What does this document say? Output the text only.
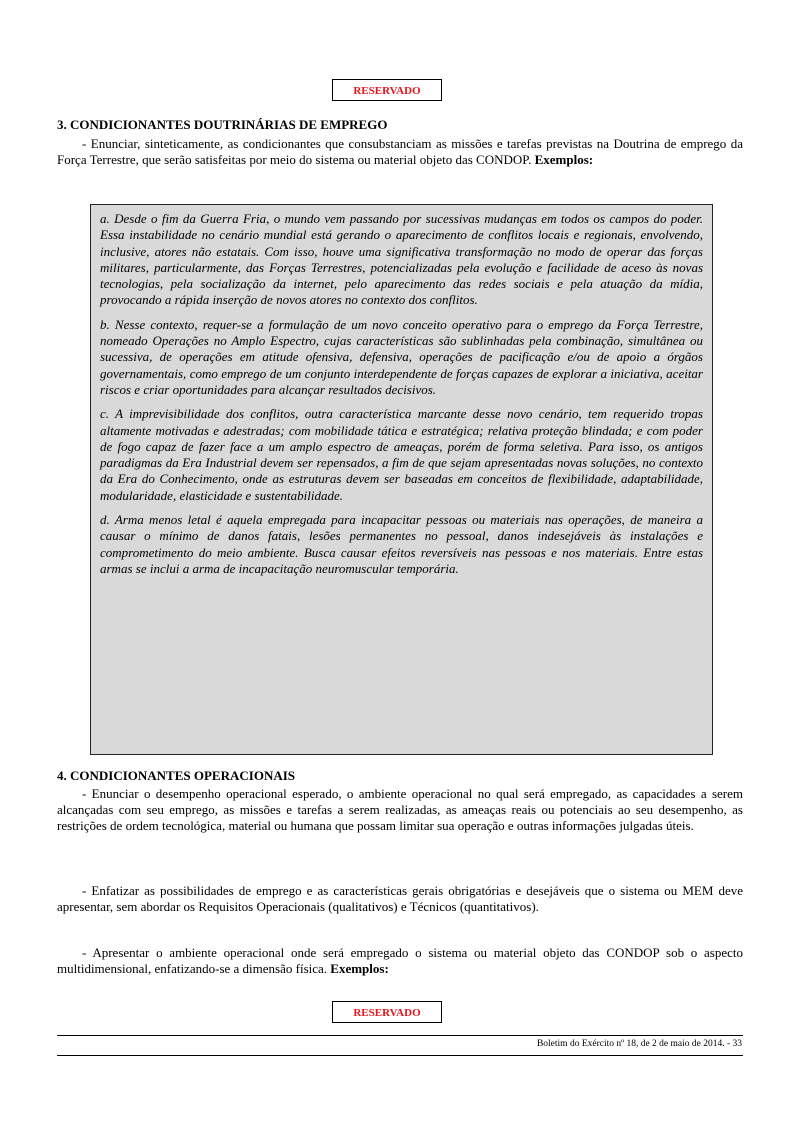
RESERVADO
3. CONDICIONANTES DOUTRINÁRIAS DE EMPREGO

- Enunciar, sinteticamente, as condicionantes que consubstanciam as missões e tarefas previstas na Doutrina de emprego da Força Terrestre, que serão satisfeitas por meio do sistema ou material objeto das CONDOP. Exemplos:

a. Desde o fim da Guerra Fria, o mundo vem passando por sucessivas mudanças em todos os campos do poder. Essa instabilidade no cenário mundial está gerando o aparecimento de conflitos locais e regionais, envolvendo, inclusive, atores não estatais. Com isso, houve uma significativa transformação no modo de operar das forças militares, particularmente, das Forças Terrestres, potencializadas pela evolução e facilidade de aceso às novas tecnologias, pela socialização da internet, pelo aparecimento das redes sociais e pela atuação da mídia, provocando a rápida inserção de novos atores no contexto dos conflitos.

b. Nesse contexto, requer-se a formulação de um novo conceito operativo para o emprego da Força Terrestre, nomeado Operações no Amplo Espectro, cujas características são sublinhadas pela combinação, simultânea ou sucessiva, de operações em atitude ofensiva, defensiva, operações de pacificação e/ou de apoio a órgãos governamentais, como emprego de um conjunto interdependente de forças capazes de explorar a iniciativa, aceitar riscos e criar oportunidades para alcançar resultados decisivos.

c. A imprevisibilidade dos conflitos, outra característica marcante desse novo cenário, tem requerido tropas altamente motivadas e adestradas; com mobilidade tática e estratégica; relativa proteção blindada; e com poder de fogo capaz de fazer face a um amplo espectro de ameaças, porém de forma seletiva. Para isso, os antigos paradigmas da Era Industrial devem ser repensados, a fim de que sejam apresentadas novas soluções, no contexto da Era do Conhecimento, onde as estruturas devem ser baseadas em conceitos de flexibilidade, adaptabilidade, modularidade, elasticidade e sustentabilidade.

d. Arma menos letal é aquela empregada para incapacitar pessoas ou materiais nas operações, de maneira a causar o mínimo de danos fatais, lesões permanentes no pessoal, danos indesejáveis às instalações e comprometimento do meio ambiente. Busca causar efeitos reversíveis nas pessoas e nos materiais. Entre estas armas se inclui a arma de incapacitação neuromuscular temporária.

4. CONDICIONANTES OPERACIONAIS

- Enunciar o desempenho operacional esperado, o ambiente operacional no qual será empregado, as capacidades a serem alcançadas com seu emprego, as missões e tarefas a serem realizadas, as ameaças reais ou potenciais ao seu desempenho, as restrições de ordem tecnológica, material ou humana que possam limitar sua operação e outras informações julgadas úteis.

- Enfatizar as possibilidades de emprego e as características gerais obrigatórias e desejáveis que o sistema ou MEM deve apresentar, sem abordar os Requisitos Operacionais (qualitativos) e Técnicos (quantitativos).

- Apresentar o ambiente operacional onde será empregado o sistema ou material objeto das CONDOP sob o aspecto multidimensional, enfatizando-se a dimensão física. Exemplos:

RESERVADO
Boletim do Exército nº 18, de 2 de maio de 2014. - 33
